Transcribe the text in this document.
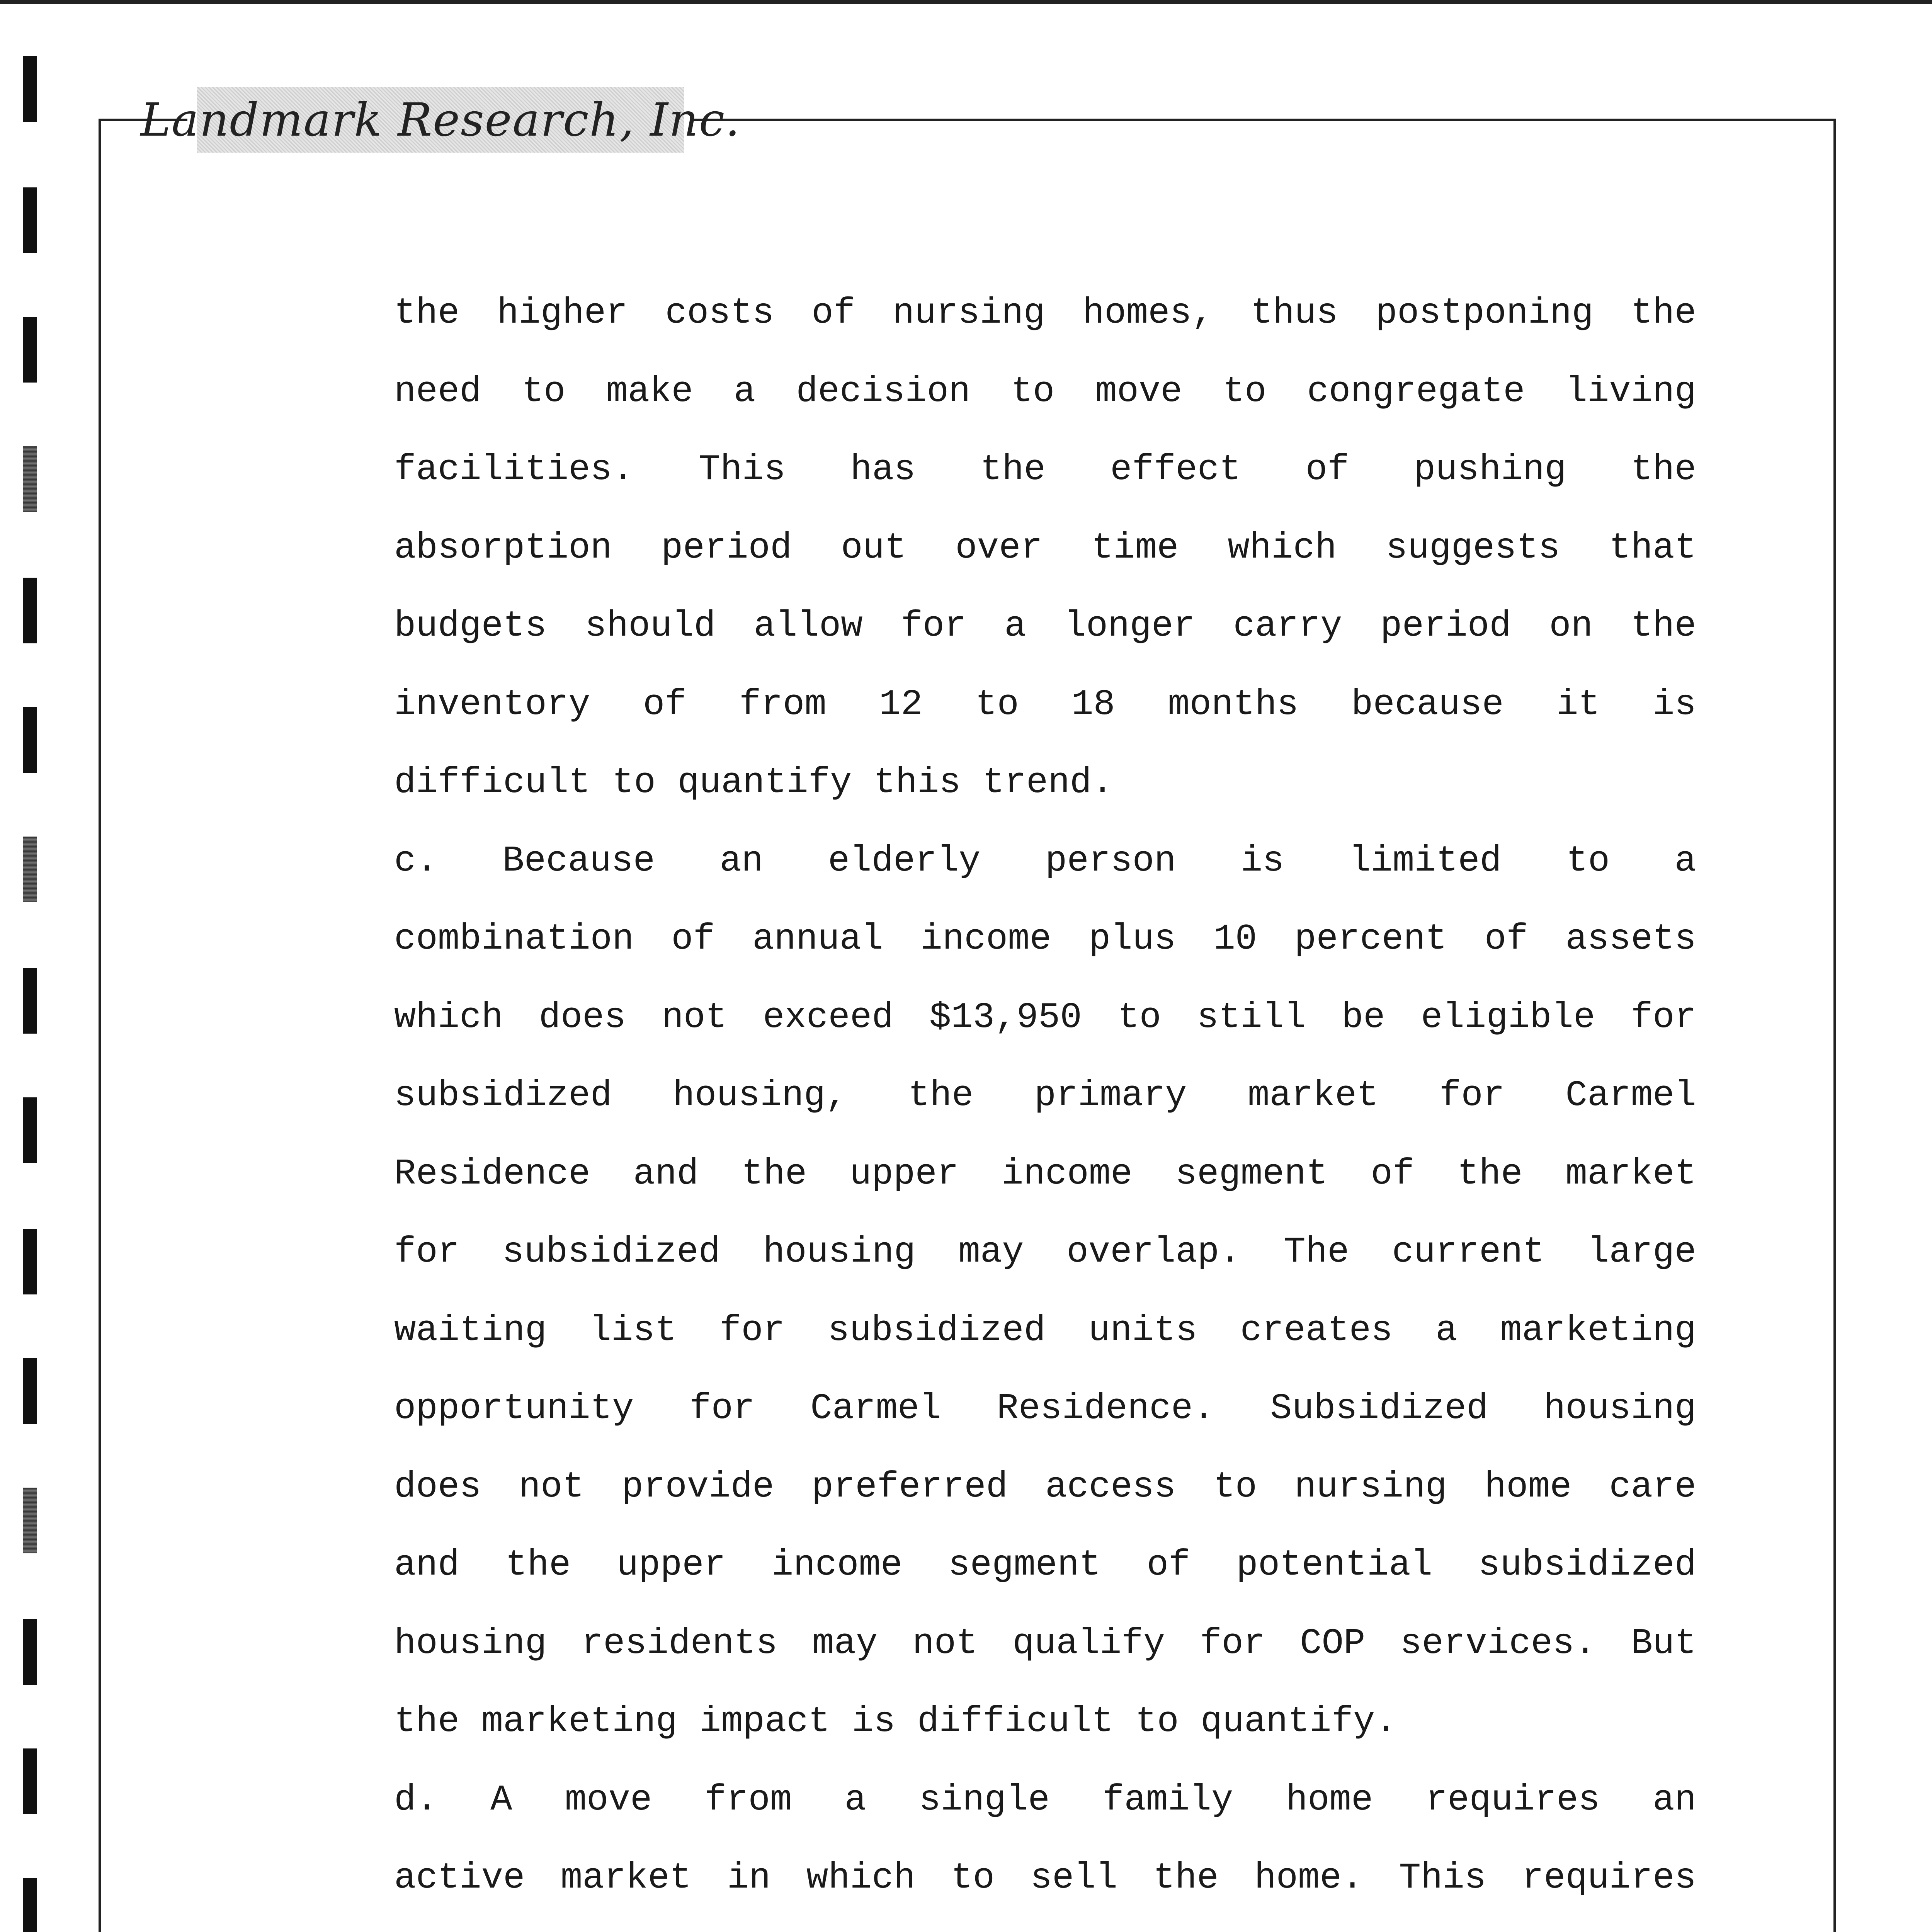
Landmark Research, Inc.
the higher costs of nursing homes, thus postponing the
need to make a decision to move to congregate living
facilities. This has the effect of pushing the
absorption period out over time which suggests that
budgets should allow for a longer carry period on the
inventory of from 12 to 18 months because it is
difficult to quantify this trend.
c. Because an elderly person is limited to a
combination of annual income plus 10 percent of assets
which does not exceed $13,950 to still be eligible for
subsidized housing, the primary market for Carmel
Residence and the upper income segment of the market
for subsidized housing may overlap. The current large
waiting list for subsidized units creates a marketing
opportunity for Carmel Residence. Subsidized housing
does not provide preferred access to nursing home care
and the upper income segment of potential subsidized
housing residents may not qualify for COP services. But
the marketing impact is difficult to quantify.
d. A move from a single family home requires an
active market in which to sell the home. This requires
